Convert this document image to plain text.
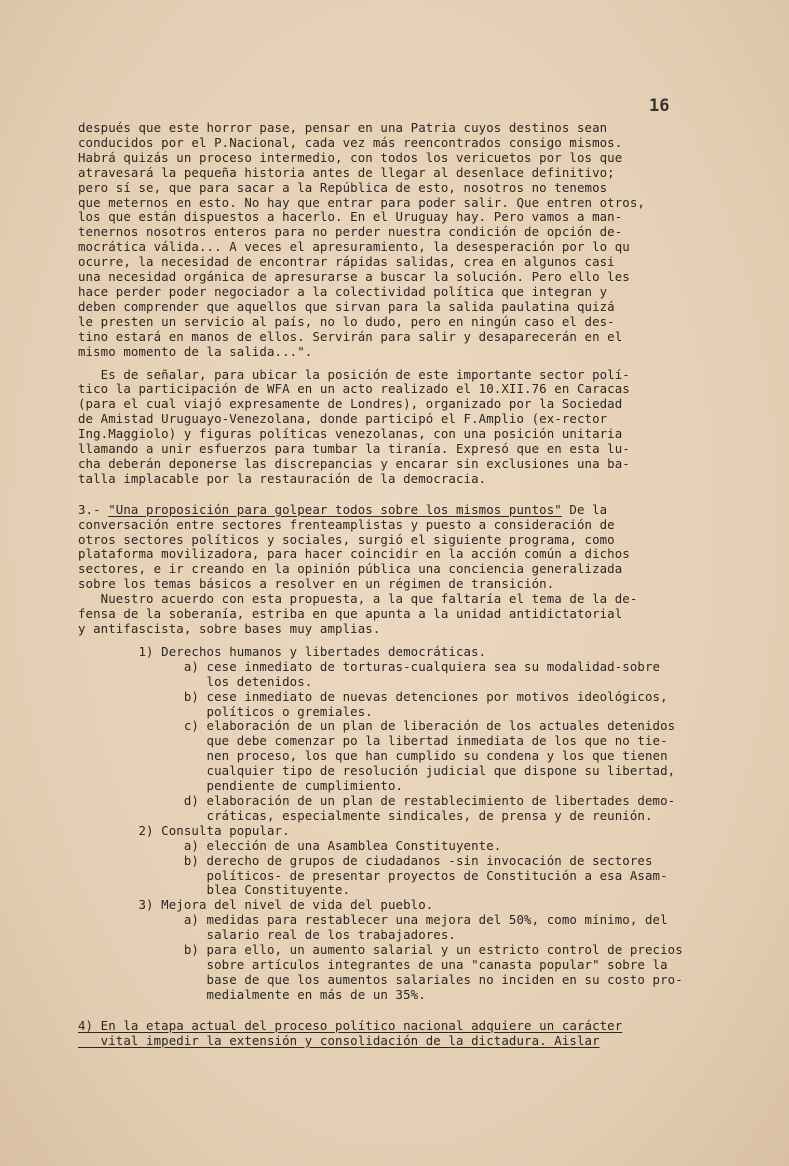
16
después que este horror pase, pensar en una Patria cuyos destinos sean
conducidos por el P.Nacional, cada vez más reencontrados consigo mismos.
Habrá quizás un proceso intermedio, con todos los vericuetos por los que
atravesará la pequeña historia antes de llegar al desenlace definitivo;
pero sí se, que para sacar a la República de esto, nosotros no tenemos
que meternos en esto. No hay que entrar para poder salir. Que entren otros,
los que están dispuestos a hacerlo. En el Uruguay hay. Pero vamos a man-
tenernos nosotros enteros para no perder nuestra condición de opción de-
mocrática válida... A veces el apresuramiento, la desesperación por lo qu
ocurre, la necesidad de encontrar rápidas salidas, crea en algunos casi
una necesidad orgánica de apresurarse a buscar la solución. Pero ello les
hace perder poder negociador a la colectividad política que integran y
deben comprender que aquellos que sirvan para la salida paulatina quizá
le presten un servicio al país, no lo dudo, pero en ningún caso el des-
tino estará en manos de ellos. Servirán para salir y desaparecerán en el
mismo momento de la salida...".
Es de señalar, para ubicar la posición de este importante sector polí-
tico la participación de WFA en un acto realizado el 10.XII.76 en Caracas
(para el cual viajó expresamente de Londres), organizado por la Sociedad
de Amistad Uruguayo-Venezolana, donde participó el F.Amplio (ex-rector
Ing.Maggiolo) y figuras políticas venezolanas, con una posición unitaria
llamando a unir esfuerzos para tumbar la tiranía. Expresó que en esta lu-
cha deberán deponerse las discrepancias y encarar sin exclusiones una ba-
talla implacable por la restauración de la democracia.
3.- "Una proposición para golpear todos sobre los mismos puntos" De la
conversación entre sectores frenteamplistas y puesto a consideración de
otros sectores políticos y sociales, surgió el siguiente programa, como
plataforma movilizadora, para hacer coincidir en la acción común a dichos
sectores, e ir creando en la opinión pública una conciencia generalizada
sobre los temas básicos a resolver en un régimen de transición.
Nuestro acuerdo con esta propuesta, a la que faltaría el tema de la de-
fensa de la soberanía, estriba en que apunta a la unidad antidictatorial
y antifascista, sobre bases muy amplias.
1) Derechos humanos y libertades democráticas.
a) cese inmediato de torturas-cualquiera sea su modalidad-sobre
los detenidos.
b) cese inmediato de nuevas detenciones por motivos ideológicos,
políticos o gremiales.
c) elaboración de un plan de liberación de los actuales detenidos
que debe comenzar po la libertad inmediata de los que no tie-
nen proceso, los que han cumplido su condena y los que tienen
cualquier tipo de resolución judicial que dispone su libertad,
pendiente de cumplimiento.
d) elaboración de un plan de restablecimiento de libertades demo-
cráticas, especialmente sindicales, de prensa y de reunión.
2) Consulta popular.
a) elección de una Asamblea Constituyente.
b) derecho de grupos de ciudadanos -sin invocación de sectores
políticos- de presentar proyectos de Constitución a esa Asam-
blea Constituyente.
3) Mejora del nivel de vida del pueblo.
a) medidas para restablecer una mejora del 50%, como mínimo, del
salario real de los trabajadores.
b) para ello, un aumento salarial y un estricto control de precios
sobre artículos integrantes de una "canasta popular" sobre la
base de que los aumentos salariales no inciden en su costo pro-
medialmente en más de un 35%.
4) En la etapa actual del proceso político nacional adquiere un carácter
vital impedir la extensión y consolidación de la dictadura. Aislar
